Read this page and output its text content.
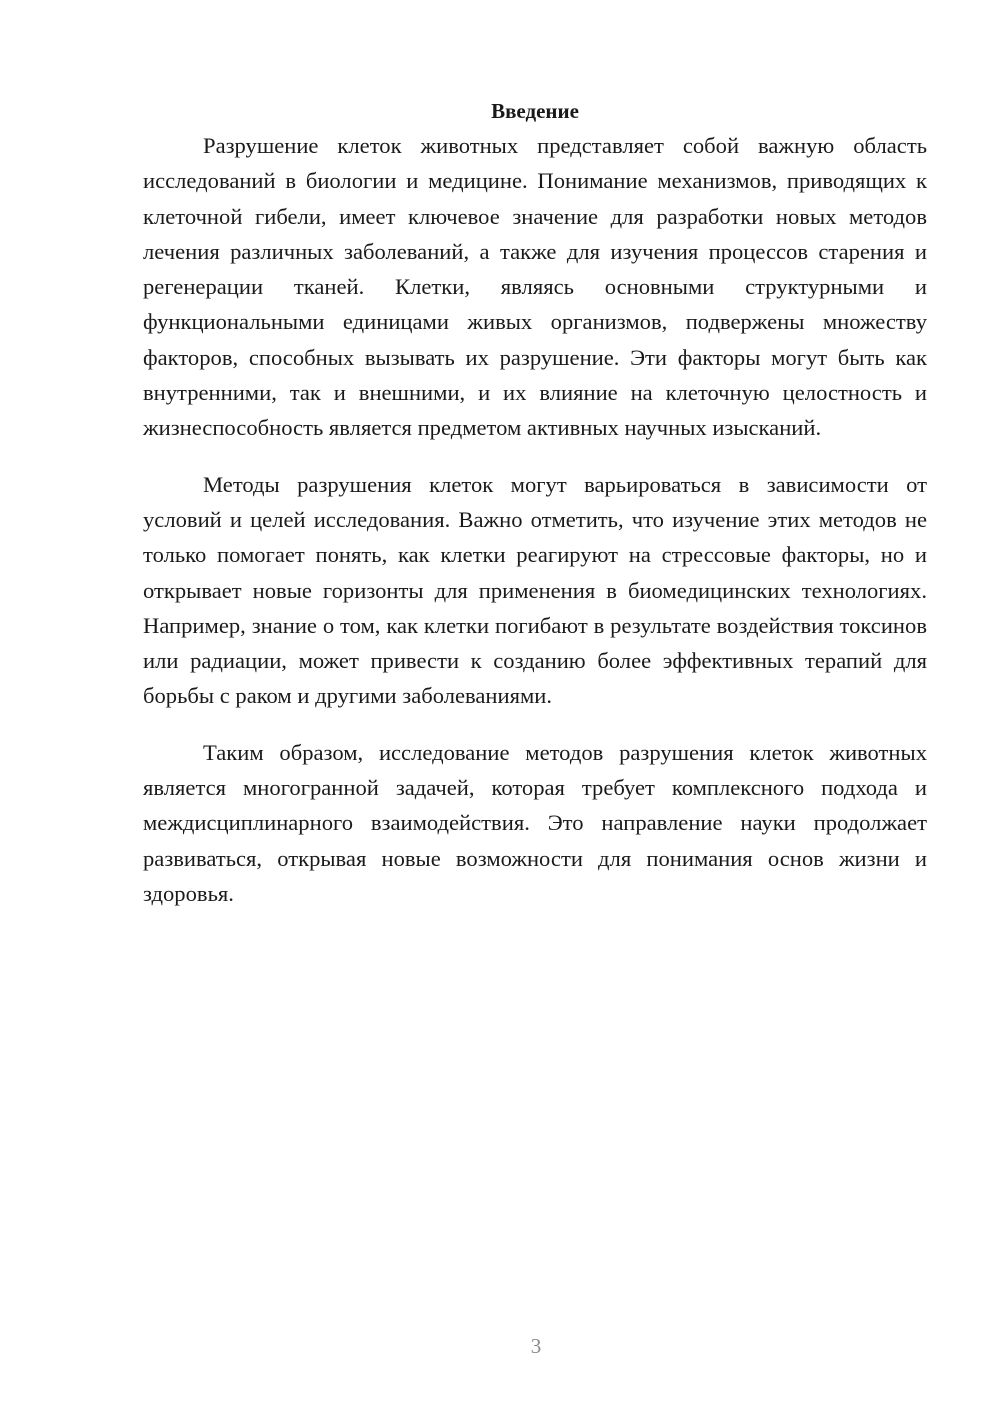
Введение

Разрушение клеток животных представляет собой важную область исследований в биологии и медицине. Понимание механизмов, приводящих к клеточной гибели, имеет ключевое значение для разработки новых методов лечения различных заболеваний, а также для изучения процессов старения и регенерации тканей. Клетки, являясь основными структурными и функциональными единицами живых организмов, подвержены множеству факторов, способных вызывать их разрушение. Эти факторы могут быть как внутренними, так и внешними, и их влияние на клеточную целостность и жизнеспособность является предметом активных научных изысканий.

Методы разрушения клеток могут варьироваться в зависимости от условий и целей исследования. Важно отметить, что изучение этих методов не только помогает понять, как клетки реагируют на стрессовые факторы, но и открывает новые горизонты для применения в биомедицинских технологиях. Например, знание о том, как клетки погибают в результате воздействия токсинов или радиации, может привести к созданию более эффективных терапий для борьбы с раком и другими заболеваниями.

Таким образом, исследование методов разрушения клеток животных является многогранной задачей, которая требует комплексного подхода и междисциплинарного взаимодействия. Это направление науки продолжает развиваться, открывая новые возможности для понимания основ жизни и здоровья.

3
